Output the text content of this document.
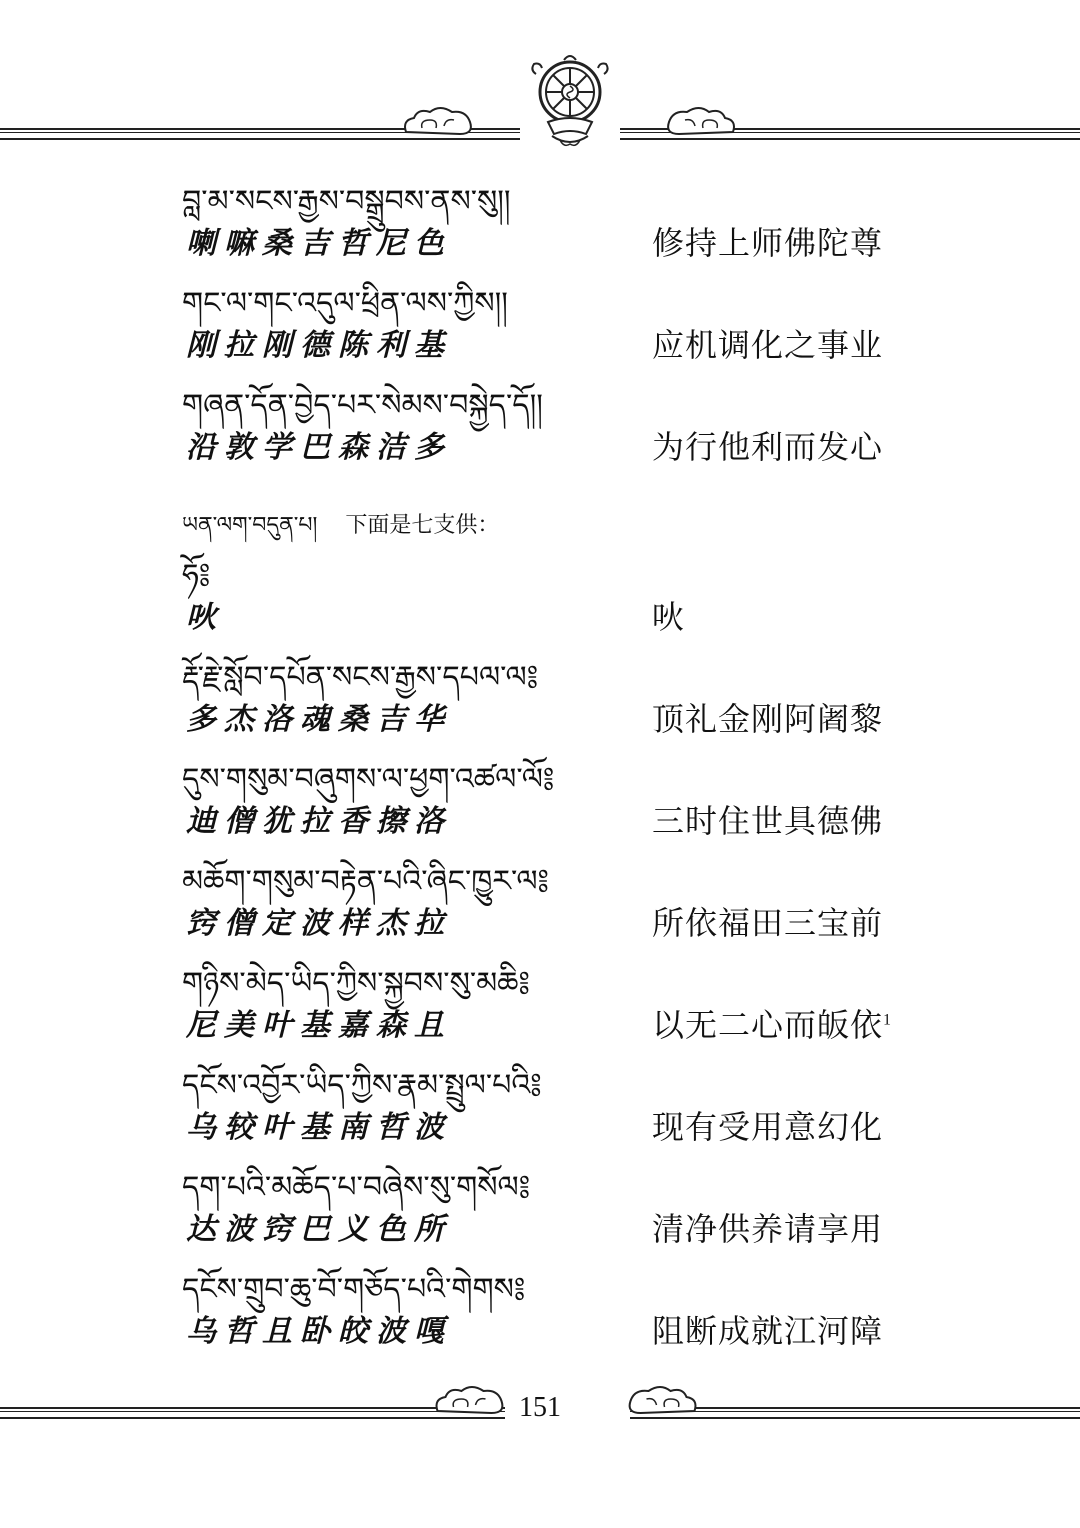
བླ་མ་སངས་རྒྱས་བསྒྲུབས་ནས་སུ།།
喇嘛桑吉哲尼色	修持上师佛陀尊
གང་ལ་གང་འདུལ་ཕྲིན་ལས་ཀྱིས།།
刚拉刚德陈利基	应机调化之事业
གཞན་དོན་བྱེད་པར་སེམས་བསྐྱེད་དོ།།
沿敦学巴森洁多	为行他利而发心
ཡན་ལག་བདུན་པ། 下面是七支供：
ཧོ༔
吙	吙
རྡོ་རྗེ་སློབ་དཔོན་སངས་རྒྱས་དཔལ་ལ༔
多杰洛魂桑吉华	顶礼金刚阿阇黎
དུས་གསུམ་བཞུགས་ལ་ཕྱག་འཚལ་ལོ༔
迪僧犹拉香擦洛	三时住世具德佛
མཆོག་གསུམ་བརྟེན་པའི་ཞིང་ཁྱུར་ལ༔
窍僧定波样杰拉	所依福田三宝前
གཉིས་མེད་ཡིད་ཀྱིས་སྐྱབས་སུ་མཆི༔
尼美叶基嘉森且	以无二心而皈依$^1$
དངོས་འབྱོར་ཡིད་ཀྱིས་རྣམ་སྤྲུལ་པའི༔
乌较叶基南哲波	现有受用意幻化
དག་པའི་མཆོད་པ་བཞེས་སུ་གསོལ༔
达波窍巴义色所	清净供养请享用
དངོས་གྲུབ་ཆུ་བོ་གཅོད་པའི་གེགས༔
乌哲且卧皎波嘎	阻断成就江河障
151
